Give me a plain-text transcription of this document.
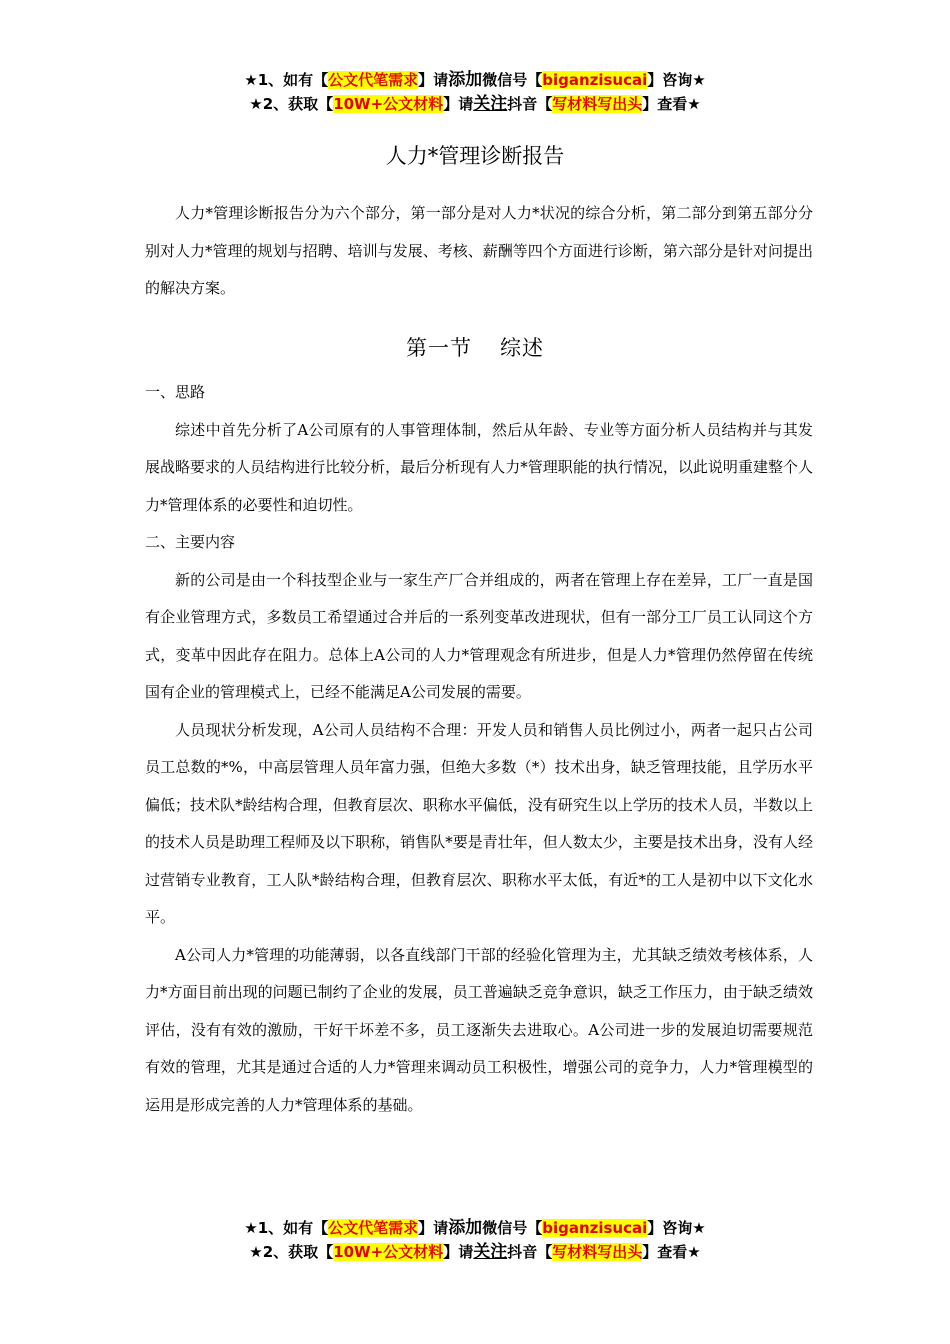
★1、如有【公文代笔需求】请添加微信号【biganzisucai】咨询★
★2、获取【10W+公文材料】请关注抖音【写材料写出头】查看★
人力*管理诊断报告

人力*管理诊断报告分为六个部分，第一部分是对人力*状况的综合分析，第二部分到第五部分分别对人力*管理的规划与招聘、培训与发展、考核、薪酬等四个方面进行诊断，第六部分是针对问提出的解决方案。

第一节 综述
一、思路

综述中首先分析了A公司原有的人事管理体制，然后从年龄、专业等方面分析人员结构并与其发展战略要求的人员结构进行比较分析，最后分析现有人力*管理职能的执行情况，以此说明重建整个人力*管理体系的必要性和迫切性。

二、主要内容

新的公司是由一个科技型企业与一家生产厂合并组成的，两者在管理上存在差异，工厂一直是国有企业管理方式，多数员工希望通过合并后的一系列变革改进现状，但有一部分工厂员工认同这个方式，变革中因此存在阻力。总体上A公司的人力*管理观念有所进步，但是人力*管理仍然停留在传统国有企业的管理模式上，已经不能满足A公司发展的需要。

人员现状分析发现，A公司人员结构不合理：开发人员和销售人员比例过小，两者一起只占公司员工总数的*%，中高层管理人员年富力强，但绝大多数（*）技术出身，缺乏管理技能，且学历水平偏低；技术队*龄结构合理，但教育层次、职称水平偏低，没有研究生以上学历的技术人员，半数以上的技术人员是助理工程师及以下职称，销售队*要是青壮年，但人数太少，主要是技术出身，没有人经过营销专业教育，工人队*龄结构合理，但教育层次、职称水平太低，有近*的工人是初中以下文化水平。

A公司人力*管理的功能薄弱，以各直线部门干部的经验化管理为主，尤其缺乏绩效考核体系，人力*方面目前出现的问题已制约了企业的发展，员工普遍缺乏竞争意识，缺乏工作压力，由于缺乏绩效评估，没有有效的激励，干好干坏差不多，员工逐渐失去进取心。A公司进一步的发展迫切需要规范有效的管理，尤其是通过合适的人力*管理来调动员工积极性，增强公司的竞争力，人力*管理模型的运用是形成完善的人力*管理体系的基础。

★1、如有【公文代笔需求】请添加微信号【biganzisucai】咨询★
★2、获取【10W+公文材料】请关注抖音【写材料写出头】查看★
